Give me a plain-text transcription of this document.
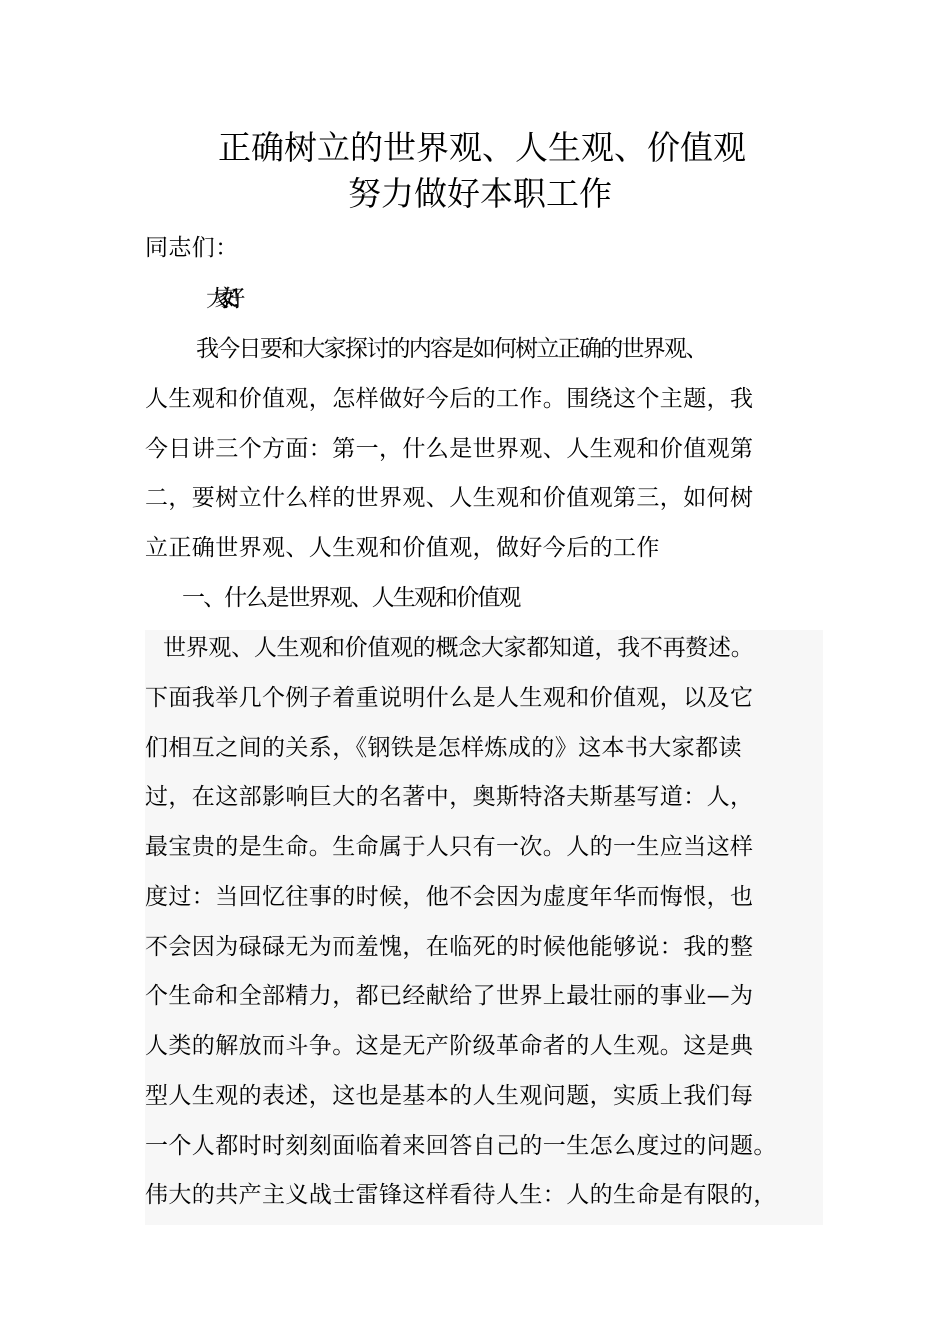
正确树立的世界观、人生观、价值观
努力做好本职工作
同志们：
大家好！
我今日要和大家探讨的内容是如何树立正确的世界观、
人生观和价值观，怎样做好今后的工作。围绕这个主题，我
今日讲三个方面：第一，什么是世界观、人生观和价值观第
二，要树立什么样的世界观、人生观和价值观第三，如何树
立正确世界观、人生观和价值观，做好今后的工作
一、什么是世界观、人生观和价值观
世界观、人生观和价值观的概念大家都知道，我不再赘述。
下面我举几个例子着重说明什么是人生观和价值观，以及它
们相互之间的关系，《钢铁是怎样炼成的》这本书大家都读
过，在这部影响巨大的名著中，奥斯特洛夫斯基写道：人，
最宝贵的是生命。生命属于人只有一次。人的一生应当这样
度过：当回忆往事的时候，他不会因为虚度年华而悔恨，也
不会因为碌碌无为而羞愧，在临死的时候他能够说：我的整
个生命和全部精力，都已经献给了世界上最壮丽的事业—为
人类的解放而斗争。这是无产阶级革命者的人生观。这是典
型人生观的表述，这也是基本的人生观问题，实质上我们每
一个人都时时刻刻面临着来回答自己的一生怎么度过的问题。
伟大的共产主义战士雷锋这样看待人生：人的生命是有限的，
